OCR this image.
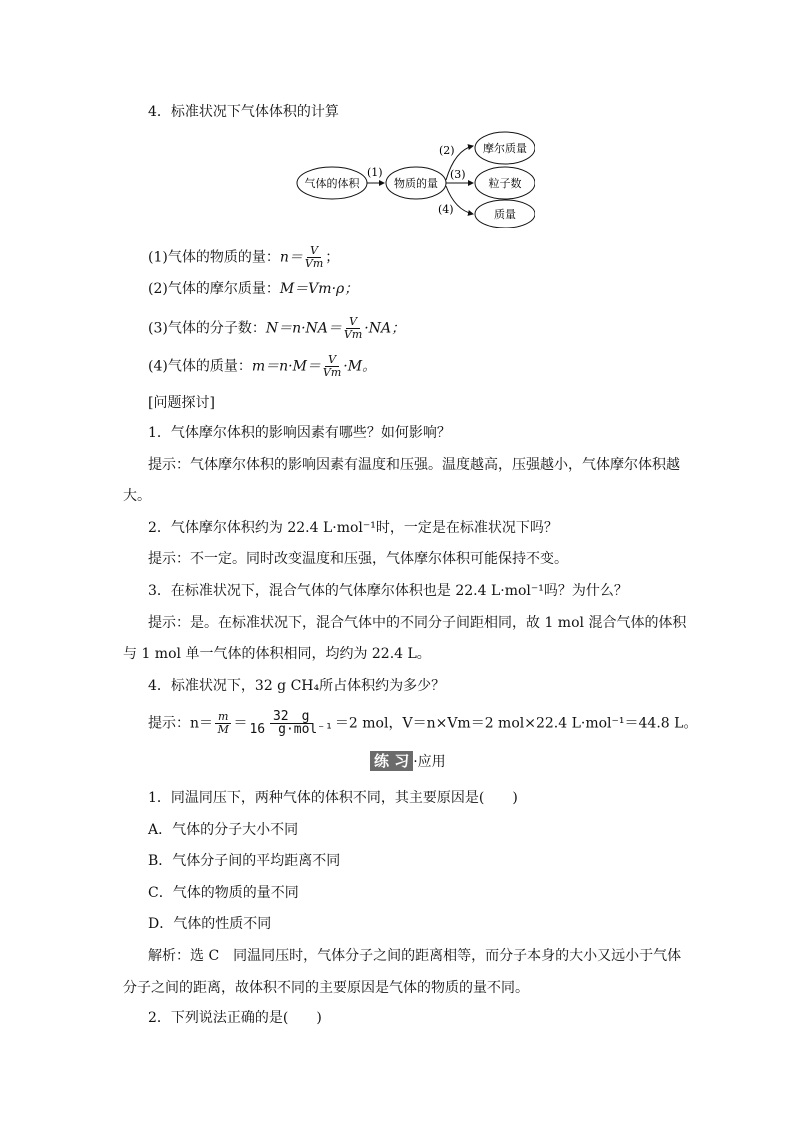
4．标准状况下气体体积的计算
气体的体积	物质的量
摩尔质量
粒子数
质量
(1)
(2)
(3)
(4)
(1)气体的物质的量：$n= \frac{V}{Vm}$ ；
(2)气体的摩尔质量：M＝Vm·ρ；
(3)气体的分子数：$N=n\cdot NA= \frac{V}{Vm} \cdot NA$；
(4)气体的质量：$m=n\cdot M= \frac{V}{Vm} \cdot M$。
[问题探讨]
1．气体摩尔体积的影响因素有哪些？如何影响？
提示：气体摩尔体积的影响因素有温度和压强。温度越高，压强越小，气体摩尔体积越
大。
2．气体摩尔体积约为 22.4 L·mol⁻¹时，一定是在标准状况下吗？
提示：不一定。同时改变温度和压强，气体摩尔体积可能保持不变。
3．在标准状况下，混合气体的气体摩尔体积也是 22.4 L·mol⁻¹吗？为什么？
提示：是。在标准状况下，混合气体中的不同分子间距相同，故 1 mol 混合气体的体积
与 1 mol 单一气体的体积相同，均约为 22.4 L。
4．标准状况下，32 g CH₄所占体积约为多少？
提示：$n= \frac{m}{M} = \frac{32 g}{\text{16　g·mol⁻¹}} =2$ mol，V＝n×Vm＝2 mol×22.4 L·mol⁻¹＝44.8 L。
练 习 ·应用
1．同温同压下，两种气体的体积不同，其主要原因是(　　)
A．气体的分子大小不同
B．气体分子间的平均距离不同
C．气体的物质的量不同
D．气体的性质不同
解析：选 C　同温同压时，气体分子之间的距离相等，而分子本身的大小又远小于气体
分子之间的距离，故体积不同的主要原因是气体的物质的量不同。
2．下列说法正确的是(　　)
